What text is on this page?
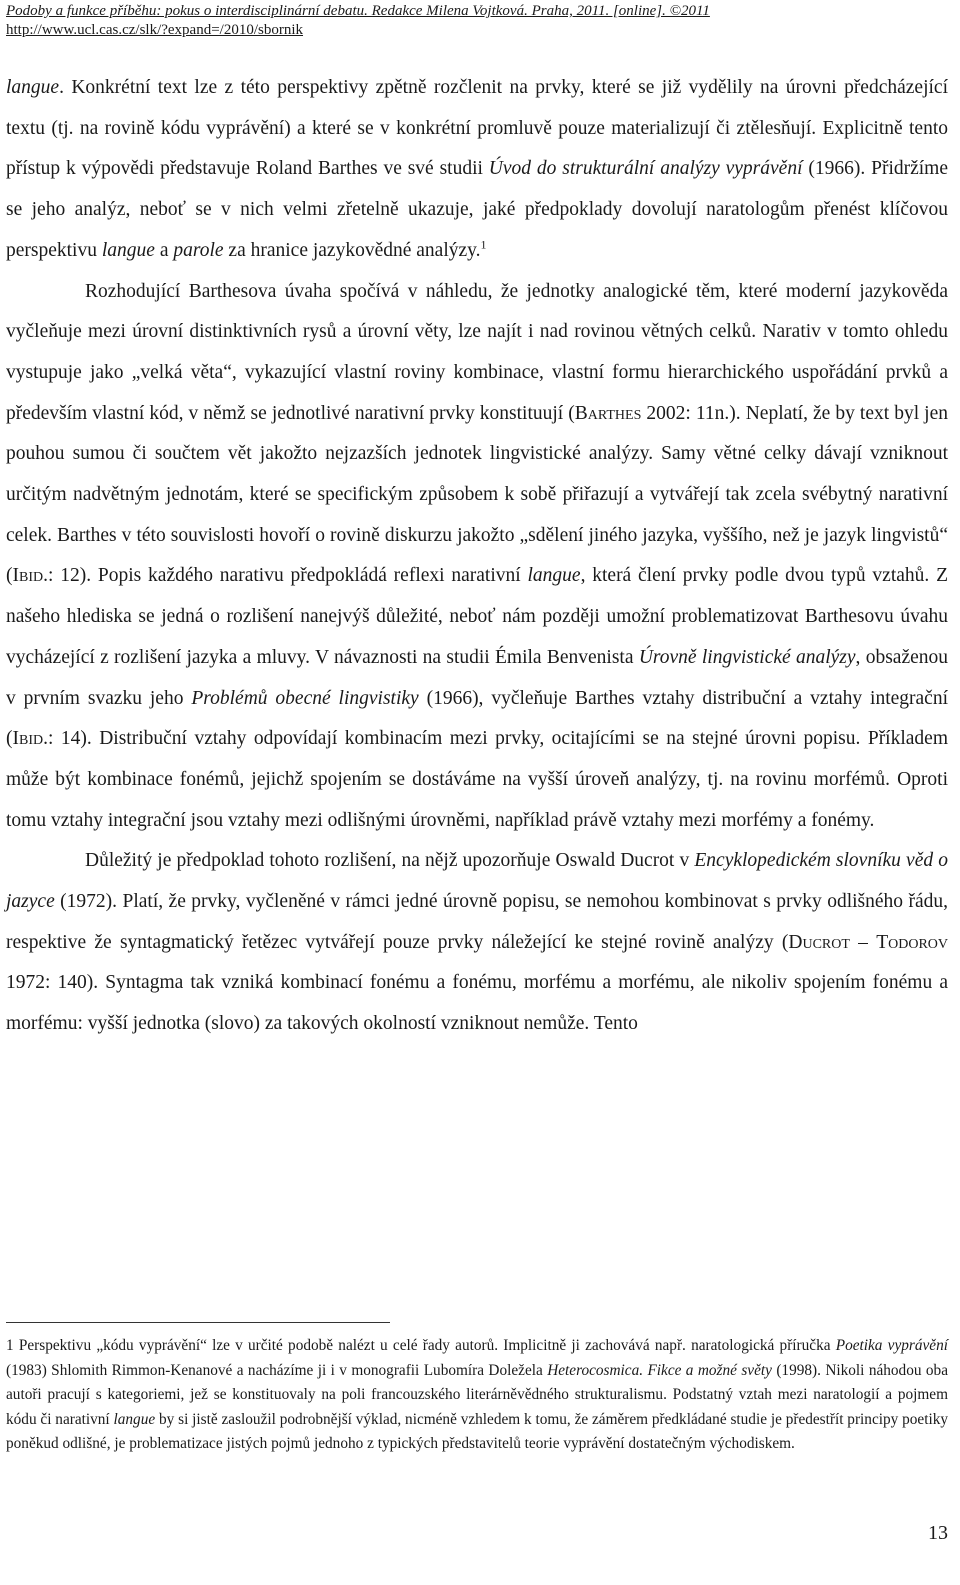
Podoby a funkce příběhu: pokus o interdisciplinární debatu. Redakce Milena Vojtková. Praha, 2011. [online]. ©2011
http://www.ucl.cas.cz/slk/?expand=/2010/sbornik

langue. Konkrétní text lze z této perspektivy zpětně rozčlenit na prvky, které se již vydělily na úrovni předcházející textu (tj. na rovině kódu vyprávění) a které se v konkrétní promluvě pouze materializují či ztělesňují. Explicitně tento přístup k výpovědi představuje Roland Barthes ve své studii Úvod do strukturální analýzy vyprávění (1966). Přidržíme se jeho analýz, neboť se v nich velmi zřetelně ukazuje, jaké předpoklady dovolují naratologům přenést klíčovou perspektivu langue a parole za hranice jazykovědné analýzy.$^1$

Rozhodující Barthesova úvaha spočívá v náhledu, že jednotky analogické těm, které moderní jazykověda vyčleňuje mezi úrovní distinktivních rysů a úrovní věty, lze najít i nad rovinou větných celků. Narativ v tomto ohledu vystupuje jako „velká věta“, vykazující vlastní roviny kombinace, vlastní formu hierarchického uspořádání prvků a především vlastní kód, v němž se jednotlivé narativní prvky konstituují (Barthes 2002: 11n.). Neplatí, že by text byl jen pouhou sumou či součtem vět jakožto nejzazších jednotek lingvistické analýzy. Samy větné celky dávají vzniknout určitým nadvětným jednotám, které se specifickým způsobem k sobě přiřazují a vytvářejí tak zcela svébytný narativní celek. Barthes v této souvislosti hovoří o rovině diskurzu jakožto „sdělení jiného jazyka, vyššího, než je jazyk lingvistů“ (Ibid.: 12). Popis každého narativu předpokládá reflexi narativní langue, která člení prvky podle dvou typů vztahů. Z našeho hlediska se jedná o rozlišení nanejvýš důležité, neboť nám později umožní problematizovat Barthesovu úvahu vycházející z rozlišení jazyka a mluvy. V návaznosti na studii Émila Benvenista Úrovně lingvistické analýzy, obsaženou v prvním svazku jeho Problémů obecné lingvistiky (1966), vyčleňuje Barthes vztahy distribuční a vztahy integrační (Ibid.: 14). Distribuční vztahy odpovídají kombinacím mezi prvky, ocitajícími se na stejné úrovni popisu. Příkladem může být kombinace fonémů, jejichž spojením se dostáváme na vyšší úroveň analýzy, tj. na rovinu morfémů. Oproti tomu vztahy integrační jsou vztahy mezi odlišnými úrovněmi, například právě vztahy mezi morfémy a fonémy.

Důležitý je předpoklad tohoto rozlišení, na nějž upozorňuje Oswald Ducrot v Encyklopedickém slovníku věd o jazyce (1972). Platí, že prvky, vyčleněné v rámci jedné úrovně popisu, se nemohou kombinovat s prvky odlišného řádu, respektive že syntagmatický řetězec vytvářejí pouze prvky náležející ke stejné rovině analýzy (Ducrot – Todorov 1972: 140). Syntagma tak vzniká kombinací fonému a fonému, morfému a morfému, ale nikoliv spojením fonému a morfému: vyšší jednotka (slovo) za takových okolností vzniknout nemůže. Tento

1 Perspektivu „kódu vyprávění“ lze v určité podobě nalézt u celé řady autorů. Implicitně ji zachovává např. naratologická příručka Poetika vyprávění (1983) Shlomith Rimmon-Kenanové a nacházíme ji i v monografii Lubomíra Doležela Heterocosmica. Fikce a možné světy (1998). Nikoli náhodou oba autoři pracují s kategoriemi, jež se konstituovaly na poli francouzského literárněvědného strukturalismu. Podstatný vztah mezi naratologií a pojmem kódu či narativní langue by si jistě zasloužil podrobnější výklad, nicméně vzhledem k tomu, že záměrem předkládané studie je předestřít principy poetiky poněkud odlišné, je problematizace jistých pojmů jednoho z typických představitelů teorie vyprávění dostatečným východiskem.

13
